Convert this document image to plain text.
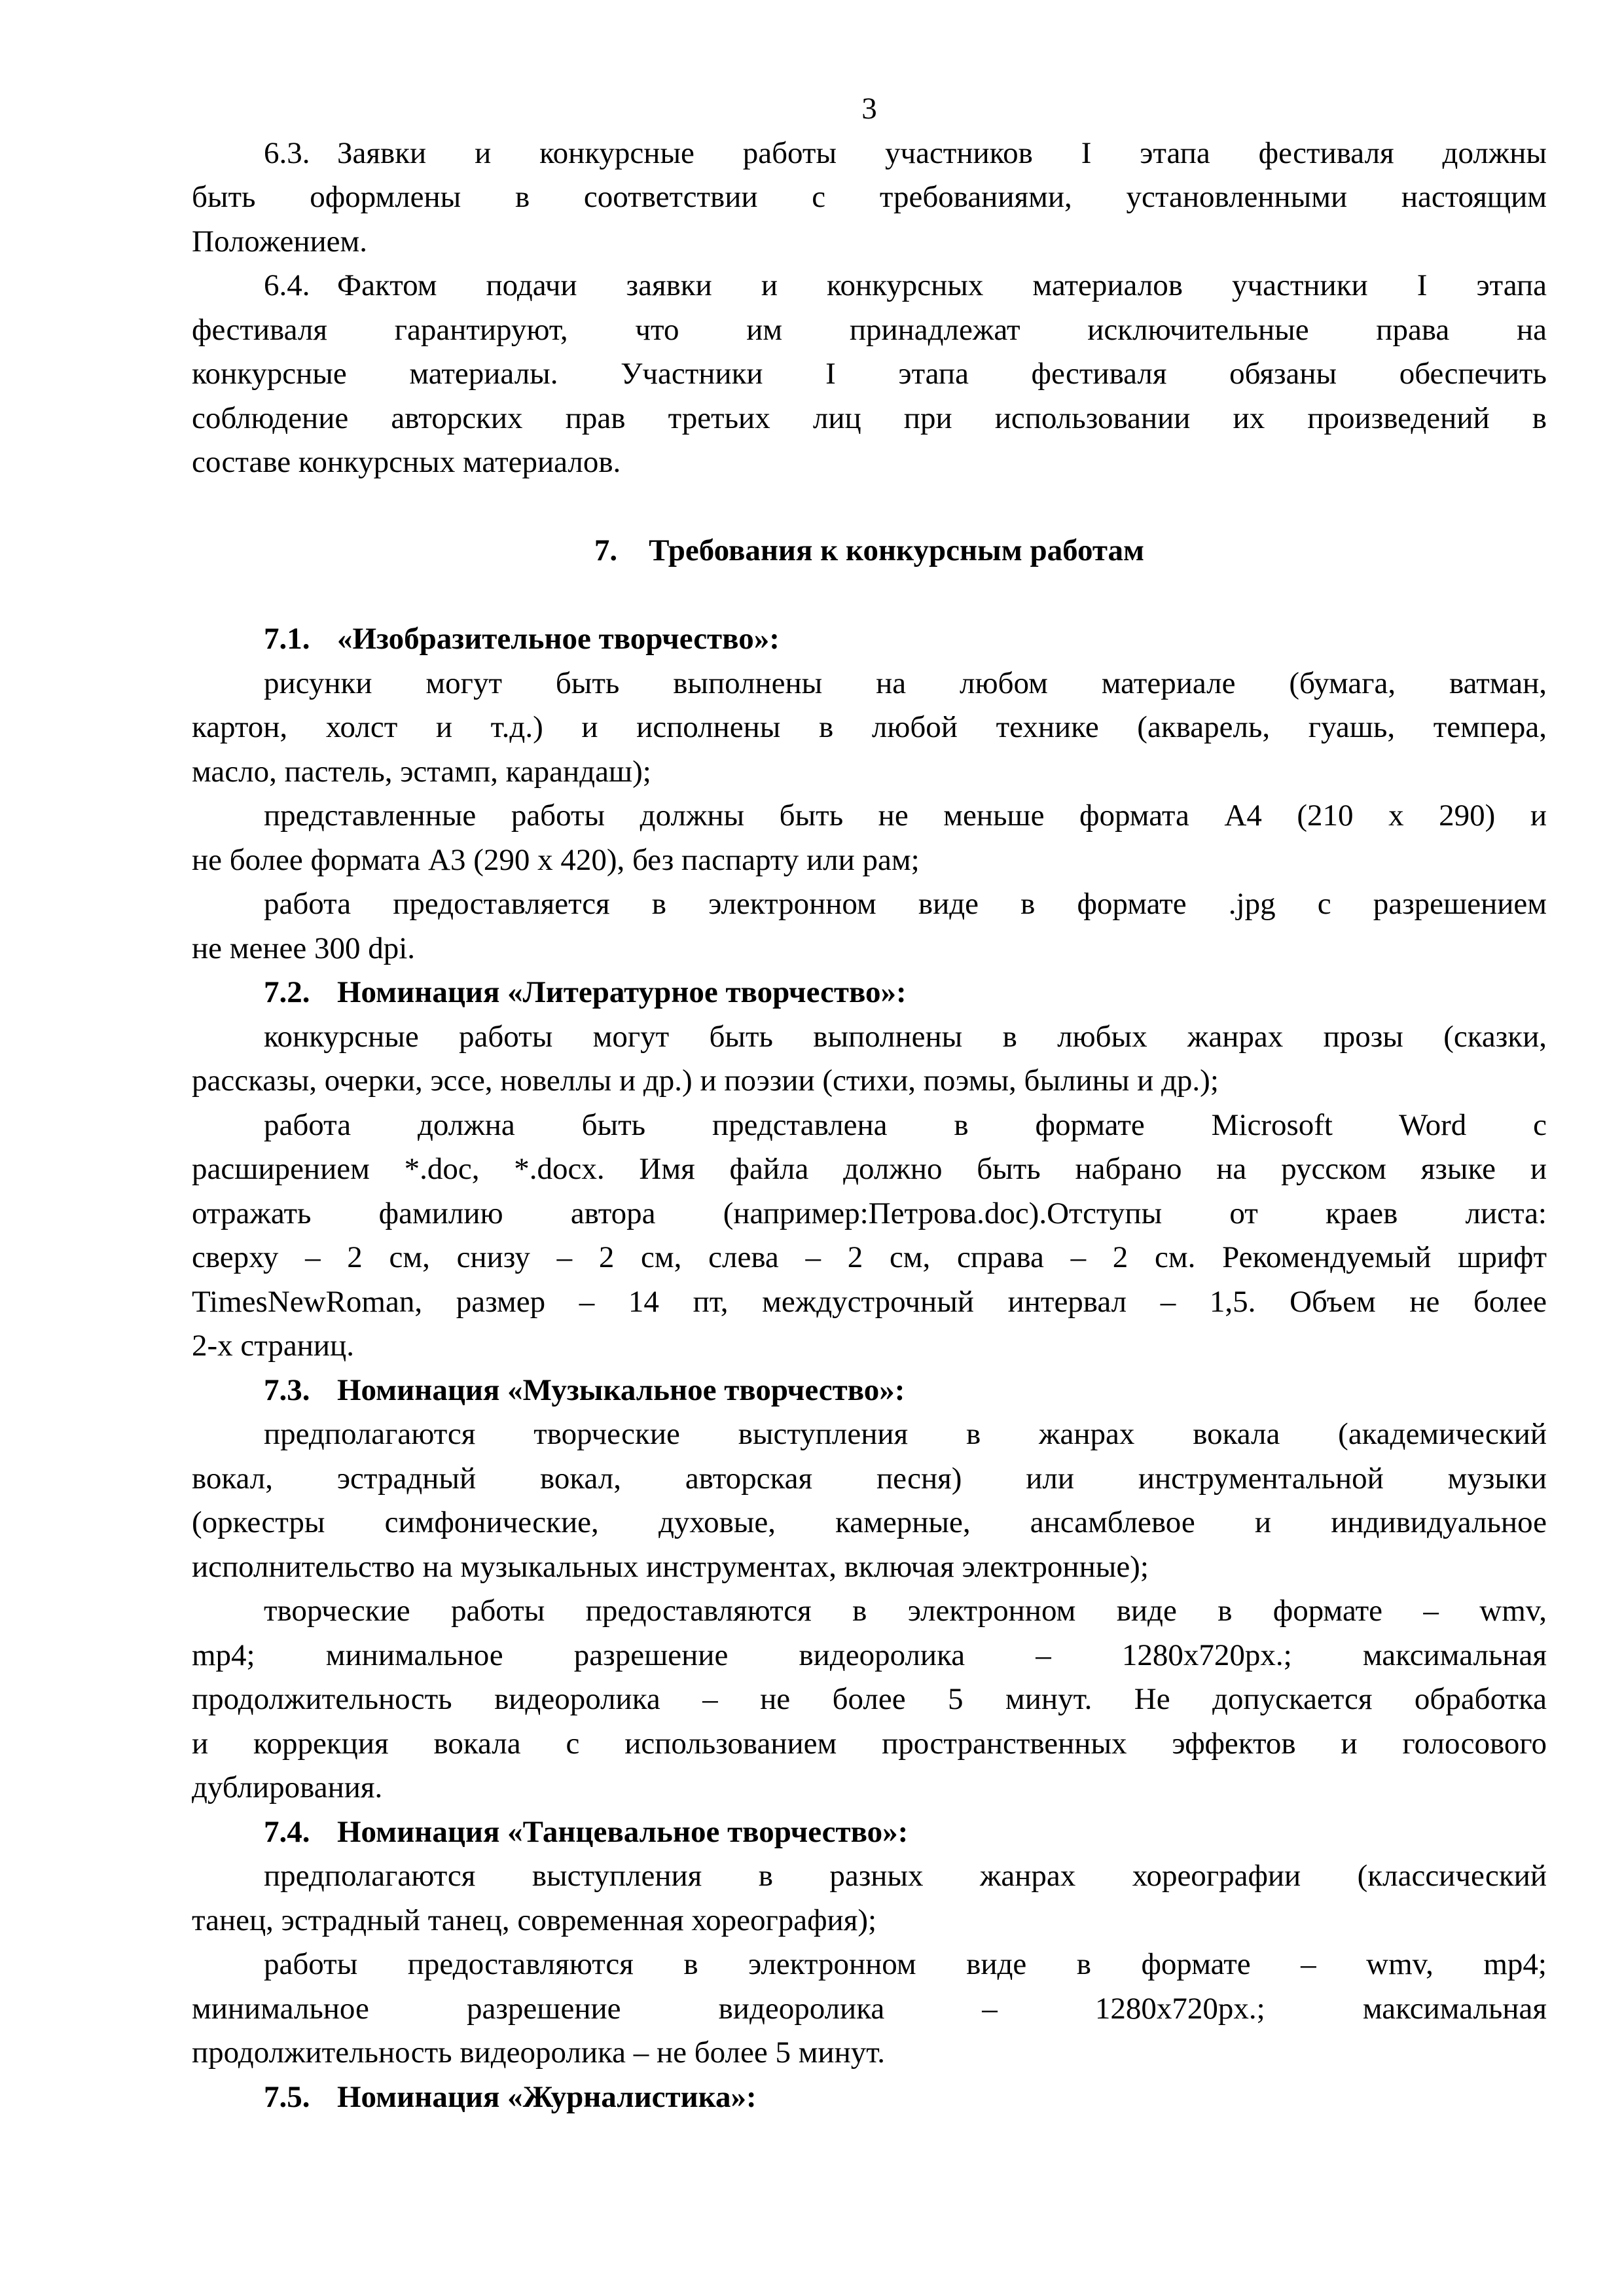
3
6.3. Заявки и конкурсные работы участников I этапа фестиваля должны
быть оформлены в соответствии с требованиями, установленными настоящим
Положением.
6.4. Фактом подачи заявки и конкурсных материалов участники I этапа
фестиваля гарантируют, что им принадлежат исключительные права на
конкурсные материалы. Участники I этапа фестиваля обязаны обеспечить
соблюдение авторских прав третьих лиц при использовании их произведений в
составе конкурсных материалов.
7. Требования к конкурсным работам
7.1. «Изобразительное творчество»:
рисунки могут быть выполнены на любом материале (бумага, ватман,
картон, холст и т.д.) и исполнены в любой технике (акварель, гуашь, темпера,
масло, пастель, эстамп, карандаш);
представленные работы должны быть не меньше формата А4 (210 х 290) и
не более формата А3 (290 х 420), без паспарту или рам;
работа предоставляется в электронном виде в формате .jpg с разрешением
не менее 300 dpi.
7.2. Номинация «Литературное творчество»:
конкурсные работы могут быть выполнены в любых жанрах прозы (сказки,
рассказы, очерки, эссе, новеллы и др.) и поэзии (стихи, поэмы, былины и др.);
работа должна быть представлена в формате Microsoft Word с
расширением *.doc, *.docx. Имя файла должно быть набрано на русском языке и
отражать фамилию автора (например:Петрова.doc).Отступы от краев листа:
сверху – 2 см, снизу – 2 см, слева – 2 см, справа – 2 см. Рекомендуемый шрифт
TimesNewRoman, размер – 14 пт, междустрочный интервал – 1,5. Объем не более
2-х страниц.
7.3. Номинация «Музыкальное творчество»:
предполагаются творческие выступления в жанрах вокала (академический
вокал, эстрадный вокал, авторская песня) или инструментальной музыки
(оркестры симфонические, духовые, камерные, ансамблевое и индивидуальное
исполнительство на музыкальных инструментах, включая электронные);
творческие работы предоставляются в электронном виде в формате – wmv,
mp4; минимальное разрешение видеоролика – 1280х720px.; максимальная
продолжительность видеоролика – не более 5 минут. Не допускается обработка
и коррекция вокала с использованием пространственных эффектов и голосового
дублирования.
7.4. Номинация «Танцевальное творчество»:
предполагаются выступления в разных жанрах хореографии (классический
танец, эстрадный танец, современная хореография);
работы предоставляются в электронном виде в формате – wmv, mp4;
минимальное разрешение видеоролика – 1280х720px.; максимальная
продолжительность видеоролика – не более 5 минут.
7.5. Номинация «Журналистика»:
